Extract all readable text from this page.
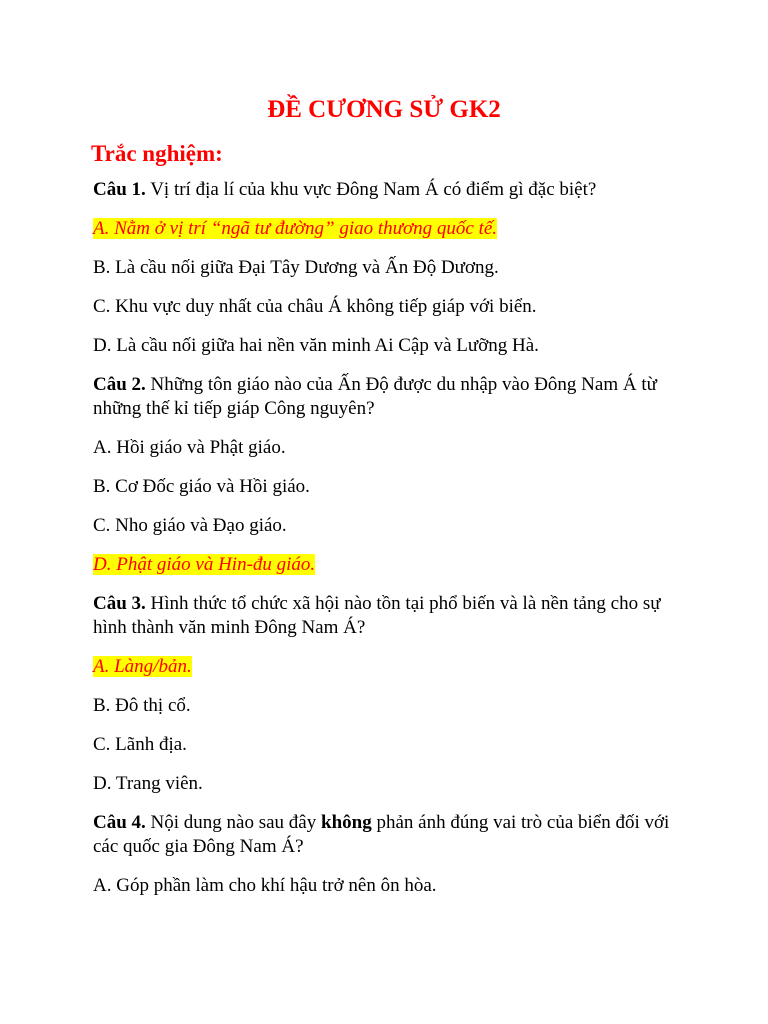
ĐỀ CƯƠNG SỬ GK2
Trắc nghiệm:

Câu 1. Vị trí địa lí của khu vực Đông Nam Á có điểm gì đặc biệt?

A. Nằm ở vị trí “ngã tư đường” giao thương quốc tế.

B. Là cầu nối giữa Đại Tây Dương và Ấn Độ Dương.

C. Khu vực duy nhất của châu Á không tiếp giáp với biển.

D. Là cầu nối giữa hai nền văn minh Ai Cập và Lưỡng Hà.

Câu 2. Những tôn giáo nào của Ấn Độ được du nhập vào Đông Nam Á từ những thế kỉ tiếp giáp Công nguyên?

A. Hồi giáo và Phật giáo.

B. Cơ Đốc giáo và Hồi giáo.

C. Nho giáo và Đạo giáo.

D. Phật giáo và Hin-đu giáo.

Câu 3. Hình thức tổ chức xã hội nào tồn tại phổ biến và là nền tảng cho sự hình thành văn minh Đông Nam Á?

A. Làng/bản.

B. Đô thị cổ.

C. Lãnh địa.

D. Trang viên.

Câu 4. Nội dung nào sau đây không phản ánh đúng vai trò của biển đối với các quốc gia Đông Nam Á?

A. Góp phần làm cho khí hậu trở nên ôn hòa.
